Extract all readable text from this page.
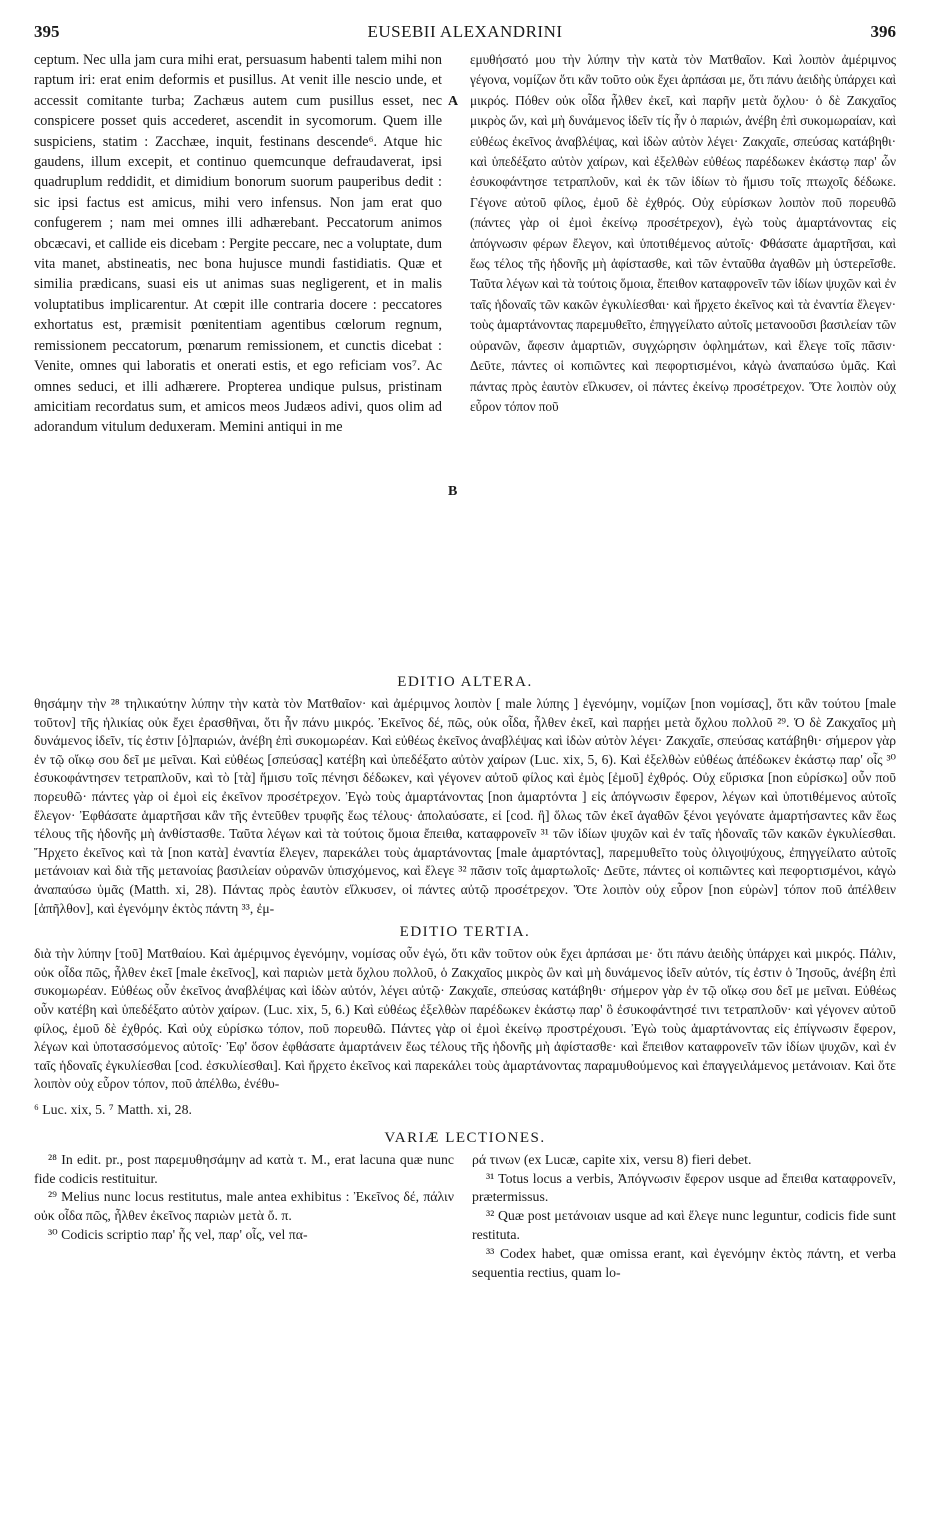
395	EUSEBII ALEXANDRINI	396
ceptum. Nec ulla jam cura mihi erat, persuasum habenti talem mihi non raptum iri: erat enim deformis et pusillus. At venit ille nescio unde, et accessit comitante turba; Zachæus autem cum pusillus esset, nec conspicere posset quis accederet, ascendit in sycomorum. Quem ille suspiciens, statim : Zacchæe, inquit, festinans descende⁶. Atque hic gaudens, illum excepit, et continuo quemcunque defraudaverat, ipsi quadruplum reddidit, et dimidium bonorum suorum pauperibus dedit : sic ipsi factus est amicus, mihi vero infensus. Non jam erat quo confugerem ; nam mei omnes illi adhærebant. Peccatorum animos obcæcavi, et callide eis dicebam : Pergite peccare, nec a voluptate, dum vita manet, abstineatis, nec bona hujusce mundi fastidiatis. Quæ et similia prædicans, suasi eis ut animas suas negligerent, et in malis voluptatibus implicarentur. At cœpit ille contraria docere : peccatores exhortatus est, præmisit pœnitentiam agentibus cœlorum regnum, remissionem peccatorum, pœnarum remissionem, et cunctis dicebat : Venite, omnes qui laboratis et onerati estis, et ego reficiam vos⁷. Ac omnes seduci, et illi adhærere. Propterea undique pulsus, pristinam amicitiam recordatus sum, et amicos meos Judæos adivi, quos olim ad adorandum vitulum deduxeram. Memini antiqui in me
A
B
εμυθήσατό μου τὴν λύπην τὴν κατὰ τὸν Ματθαῖον. Καὶ λοιπὸν ἀμέριμνος γέγονα, νομίζων ὅτι κἂν τοῦτο οὐκ ἔχει ἁρπάσαι με, ὅτι πάνυ ἀειδὴς ὑπάρχει καὶ μικρός. Πόθεν οὐκ οἶδα ἦλθεν ἐκεῖ, καὶ παρῆν μετὰ ὄχλου· ὁ δὲ Ζακχαῖος μικρὸς ὤν, καὶ μὴ δυνάμενος ἰδεῖν τίς ἦν ὁ παριών, ἀνέβη ἐπὶ συκομωραίαν, καὶ εὐθέως ἐκεῖνος ἀναβλέψας, καὶ ἰδὼν αὐτὸν λέγει· Ζακχαῖε, σπεύσας κατάβηθι· καὶ ὑπεδέξατο αὐτὸν χαίρων, καὶ ἐξελθὼν εὐθέως παρέδωκεν ἑκάστῳ παρ' ὧν ἐσυκοφάντησε τετραπλοῦν, καὶ ἐκ τῶν ἰδίων τὸ ἥμισυ τοῖς πτωχοῖς δέδωκε. Γέγονε αὐτοῦ φίλος, ἐμοῦ δὲ ἐχθρός. Οὐχ εὑρίσκων λοιπὸν ποῦ πορευθῶ (πάντες γὰρ οἱ ἐμοὶ ἐκείνῳ προσέτρεχον), ἐγὼ τοὺς ἁμαρτάνοντας εἰς ἀπόγνωσιν φέρων ἔλεγον, καὶ ὑποτιθέμενος αὐτοῖς· Φθάσατε ἁμαρτῆσαι, καὶ ἕως τέλος τῆς ἡδονῆς μὴ ἀφίστασθε, καὶ τῶν ἐνταῦθα ἀγαθῶν μὴ ὑστερεῖσθε. Ταῦτα λέγων καὶ τὰ τούτοις ὅμοια, ἔπειθον καταφρονεῖν τῶν ἰδίων ψυχῶν καὶ ἐν ταῖς ἡδοναῖς τῶν κακῶν ἐγκυλίεσθαι· καὶ ἤρχετο ἐκεῖνος καὶ τὰ ἐναντία ἔλεγεν· τοὺς ἁμαρτάνοντας παρεμυθεῖτο, ἐπηγγείλατο αὐτοῖς μετανοοῦσι βασιλείαν τῶν οὐρανῶν, ἄφεσιν ἁμαρτιῶν, συγχώρησιν ὀφλημάτων, καὶ ἔλεγε τοῖς πᾶσιν· Δεῦτε, πάντες οἱ κοπιῶντες καὶ πεφορτισμένοι, κἀγὼ ἀναπαύσω ὑμᾶς. Καὶ πάντας πρὸς ἑαυτὸν εἵλκυσεν, οἱ πάντες ἐκείνῳ προσέτρεχον. Ὅτε λοιπὸν οὐχ εὗρον τόπον ποῦ
EDITIO ALTERA.
θησάμην τὴν ²⁸ τηλικαύτην λύπην τὴν κατὰ τὸν Ματθαῖον· καὶ ἀμέριμνος λοιπὸν [ male λύπης ] ἐγενόμην, νομίζων [non νομίσας], ὅτι κἂν τούτου [male τοῦτον] τῆς ἡλικίας οὐκ ἔχει ἐρασθῆναι, ὅτι ἦν πάνυ μικρός. Ἐκεῖνος δέ, πῶς, οὐκ οἶδα, ἦλθεν ἐκεῖ, καὶ παρῄει μετὰ ὄχλου πολλοῦ ²⁹. Ὁ δὲ Ζακχαῖος μὴ δυνάμενος ἰδεῖν, τίς ἐστιν [ὁ]παριών, ἀνέβη ἐπὶ συκομωρέαν. Καὶ εὐθέως ἐκεῖνος ἀναβλέψας καὶ ἰδὼν αὐτὸν λέγει· Ζακχαῖε, σπεύσας κατάβηθι· σήμερον γὰρ ἐν τῷ οἴκῳ σου δεῖ με μεῖναι. Καὶ εὐθέως [σπεύσας] κατέβη καὶ ὑπεδέξατο αὐτὸν χαίρων (Luc. xix, 5, 6). Καὶ ἐξελθὼν εὐθέως ἀπέδωκεν ἑκάστῳ παρ' οἷς ³⁰ ἐσυκοφάντησεν τετραπλοῦν, καὶ τὸ [τὰ] ἥμισυ τοῖς πένησι δέδωκεν, καὶ γέγονεν αὐτοῦ φίλος καὶ ἐμὸς [ἐμοῦ] ἐχθρός. Οὐχ εὕρισκα [non εὑρίσκω] οὖν ποῦ πορευθῶ· πάντες γὰρ οἱ ἐμοὶ εἰς ἐκεῖνον προσέτρεχον. Ἐγὼ τοὺς ἁμαρτάνοντας [non ἁμαρτόντα ] εἰς ἀπόγνωσιν ἔφερον, λέγων καὶ ὑποτιθέμενος αὐτοῖς ἔλεγον· Ἐφθάσατε ἁμαρτῆσαι κἂν τῆς ἐντεῦθεν τρυφῆς ἕως τέλους· ἀπολαύσατε, εἰ [cod. ἢ] ὅλως τῶν ἐκεῖ ἀγαθῶν ξένοι γεγόνατε ἁμαρτήσαντες κἂν ἕως τέλους τῆς ἡδονῆς μὴ ἀνθίστασθε. Ταῦτα λέγων καὶ τὰ τούτοις ὅμοια ἔπειθα, καταφρονεῖν ³¹ τῶν ἰδίων ψυχῶν καὶ ἐν ταῖς ἡδοναῖς τῶν κακῶν ἐγκυλίεσθαι. Ἤρχετο ἐκεῖνος καὶ τὰ [non κατὰ] ἐναντία ἔλεγεν, παρεκάλει τοὺς ἁμαρτάνοντας [male ἁμαρτόντας], παρεμυθεῖτο τοὺς ὀλιγοψύχους, ἐπηγγείλατο αὐτοῖς μετάνοιαν καὶ διὰ τῆς μετανοίας βασιλείαν οὐρανῶν ὑπισχόμενος, καὶ ἔλεγε ³² πᾶσιν τοῖς ἁμαρτωλοῖς· Δεῦτε, πάντες οἱ κοπιῶντες καὶ πεφορτισμένοι, κἀγὼ ἀναπαύσω ὑμᾶς (Matth. xi, 28). Πάντας πρὸς ἑαυτὸν εἵλκυσεν, οἱ πάντες αὐτῷ προσέτρεχον. Ὅτε λοιπὸν οὐχ εὗρον [non εὑρὼν] τόπον ποῦ ἀπέλθειν [ἀπῆλθον], καὶ ἐγενόμην ἐκτὸς πάντη ³³, ἐμ-
EDITIO TERTIA.
διὰ τὴν λύπην [τοῦ] Ματθαίου. Καὶ ἀμέριμνος ἐγενόμην, νομίσας οὖν ἐγώ, ὅτι κἂν τοῦτον οὐκ ἔχει ἁρπάσαι με· ὅτι πάνυ ἀειδὴς ὑπάρχει καὶ μικρός. Πάλιν, οὐκ οἶδα πῶς, ἦλθεν ἐκεῖ [male ἐκεῖνος], καὶ παριὼν μετὰ ὄχλου πολλοῦ, ὁ Ζακχαῖος μικρὸς ὢν καὶ μὴ δυνάμενος ἰδεῖν αὐτόν, τίς ἐστιν ὁ Ἰησοῦς, ἀνέβη ἐπὶ συκομωρέαν. Εὐθέως οὖν ἐκεῖνος ἀναβλέψας καὶ ἰδὼν αὐτόν, λέγει αὐτῷ· Ζακχαῖε, σπεύσας κατάβηθι· σήμερον γὰρ ἐν τῷ οἴκῳ σου δεῖ με μεῖναι. Εὐθέως οὖν κατέβη καὶ ὑπεδέξατο αὐτὸν χαίρων. (Luc. xix, 5, 6.) Καὶ εὐθέως ἐξελθὼν παρέδωκεν ἑκάστῳ παρ' ὃ ἐσυκοφάντησέ τινι τετραπλοῦν· καὶ γέγονεν αὐτοῦ φίλος, ἐμοῦ δὲ ἐχθρός. Καὶ οὐχ εὑρίσκω τόπον, ποῦ πορευθῶ. Πάντες γὰρ οἱ ἐμοὶ ἐκείνῳ προστρέχουσι. Ἐγὼ τοὺς ἁμαρτάνοντας εἰς ἐπίγνωσιν ἔφερον, λέγων καὶ ὑποτασσόμενος αὐτοῖς· Ἐφ' ὅσον ἐφθάσατε ἁμαρτάνειν ἕως τέλους τῆς ἡδονῆς μὴ ἀφίστασθε· καὶ ἔπειθον καταφρονεῖν τῶν ἰδίων ψυχῶν, καὶ ἐν ταῖς ἡδοναῖς ἐγκυλίεσθαι [cod. ἐσκυλίεσθαι]. Καὶ ἤρχετο ἐκεῖνος καὶ παρεκάλει τοὺς ἁμαρτάνοντας παραμυθούμενος καὶ ἐπαγγειλάμενος μετάνοιαν. Καὶ ὅτε λοιπὸν οὐχ εὗρον τόπον, ποῦ ἀπέλθω, ἐνέθυ-
⁶ Luc. xix, 5. ⁷ Matth. xi, 28.
VARIÆ LECTIONES.

²⁸ In edit. pr., post παρεμυθησάμην ad κατὰ τ. M., erat lacuna quæ nunc fide codicis restituitur.

²⁹ Melius nunc locus restitutus, male antea exhibitus : Ἐκεῖνος δέ, πάλιν οὐκ οἶδα πῶς, ἦλθεν ἐκεῖνος παριὼν μετὰ ὄ. π.

³⁰ Codicis scriptio παρ' ἧς vel, παρ' οἷς, vel πα-

ρά τινων (ex Lucæ, capite xix, versu 8) fieri debet.

³¹ Totus locus a verbis, Ἀπόγνωσιν ἔφερον usque ad ἔπειθα καταφρονεῖν, prætermissus.

³² Quæ post μετάνοιαν usque ad καὶ ἔλεγε nunc leguntur, codicis fide sunt restituta.

³³ Codex habet, quæ omissa erant, καὶ ἐγενόμην ἐκτὸς πάντη, et verba sequentia rectius, quam lo-
